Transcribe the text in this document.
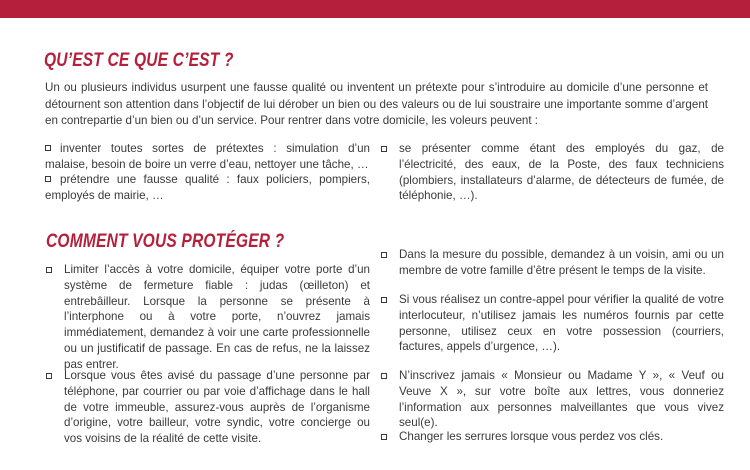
QU’EST CE QUE C’EST ?

Un ou plusieurs individus usurpent une fausse qualité ou inventent un prétexte pour s’introduire au domicile d’une personne et détournent son attention dans l’objectif de lui dérober un bien ou des valeurs ou de lui soustraire une importante somme d’argent en contrepartie d’un bien ou d’un service. Pour rentrer dans votre domicile, les voleurs peuvent :

inventer toutes sortes de prétextes : simulation d’un malaise, besoin de boire un verre d’eau, nettoyer une tâche, …

prétendre une fausse qualité : faux policiers, pompiers, employés de mairie, …

se présenter comme étant des employés du gaz, de l’électricité, des eaux, de la Poste, des faux techniciens (plombiers, installateurs d’alarme, de détecteurs de fumée, de téléphonie, …).

COMMENT VOUS PROTÉGER ?

Limiter l’accès à votre domicile, équiper votre porte d’un système de fermeture fiable : judas (œilleton) et entrebâilleur. Lorsque la personne se présente à l’interphone ou à votre porte, n’ouvrez jamais immédiatement, demandez à voir une carte professionnelle ou un justificatif de passage. En cas de refus, ne la laissez pas entrer.

Lorsque vous êtes avisé du passage d’une personne par téléphone, par courrier ou par voie d’affichage dans le hall de votre immeuble, assurez-vous auprès de l’organisme d’origine, votre bailleur, votre syndic, votre concierge ou vos voisins de la réalité de cette visite.

Dans la mesure du possible, demandez à un voisin, ami ou un membre de votre famille d’être présent le temps de la visite.

Si vous réalisez un contre-appel pour vérifier la qualité de votre interlocuteur, n’utilisez jamais les numéros fournis par cette personne, utilisez ceux en votre possession (courriers, factures, appels d’urgence, …).

N’inscrivez jamais « Monsieur ou Madame Y », « Veuf ou Veuve X », sur votre boîte aux lettres, vous donneriez l’information aux personnes malveillantes que vous vivez seul(e).

Changer les serrures lorsque vous perdez vos clés.
